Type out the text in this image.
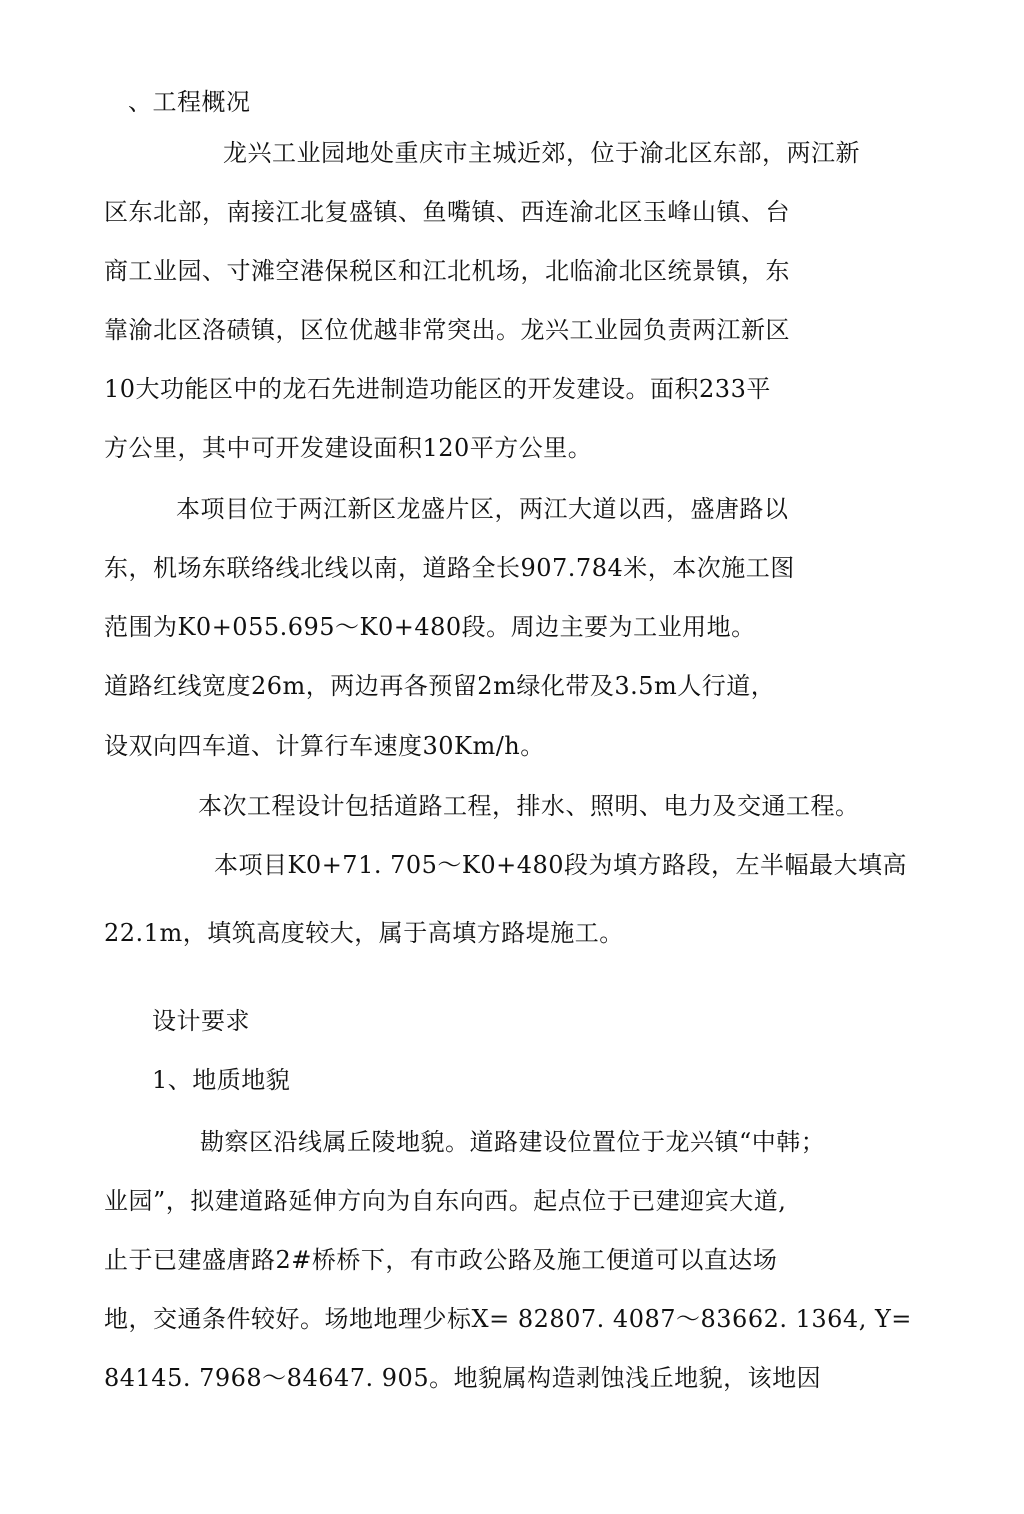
、工程概况
龙兴工业园地处重庆市主城近郊，位于渝北区东部，两江新
区东北部，南接江北复盛镇、鱼嘴镇、西连渝北区玉峰山镇、台
商工业园、寸滩空港保税区和江北机场，北临渝北区统景镇，东
靠渝北区洛碛镇，区位优越非常突出。龙兴工业园负责两江新区
10大功能区中的龙石先进制造功能区的开发建设。面积233平
方公里，其中可开发建设面积120平方公里。
本项目位于两江新区龙盛片区，两江大道以西，盛唐路以
东，机场东联络线北线以南，道路全长907.784米，本次施工图
范围为K0+055.695～K0+480段。周边主要为工业用地。
道路红线宽度26m，两边再各预留2m绿化带及3.5m人行道，
设双向四车道、计算行车速度30Km/h。
本次工程设计包括道路工程，排水、照明、电力及交通工程。
本项目K0+71. 705～K0+480段为填方路段，左半幅最大填高
22.1m，填筑高度较大，属于高填方路堤施工。
设计要求
1、地质地貌
勘察区沿线属丘陵地貌。道路建设位置位于龙兴镇“中韩；
业园”，拟建道路延伸方向为自东向西。起点位于已建迎宾大道,
止于已建盛唐路2#桥桥下，有市政公路及施工便道可以直达场
地，交通条件较好。场地地理少标X= 82807. 4087～83662. 1364, Y=
84145. 7968～84647. 905。地貌属构造剥蚀浅丘地貌，该地因
